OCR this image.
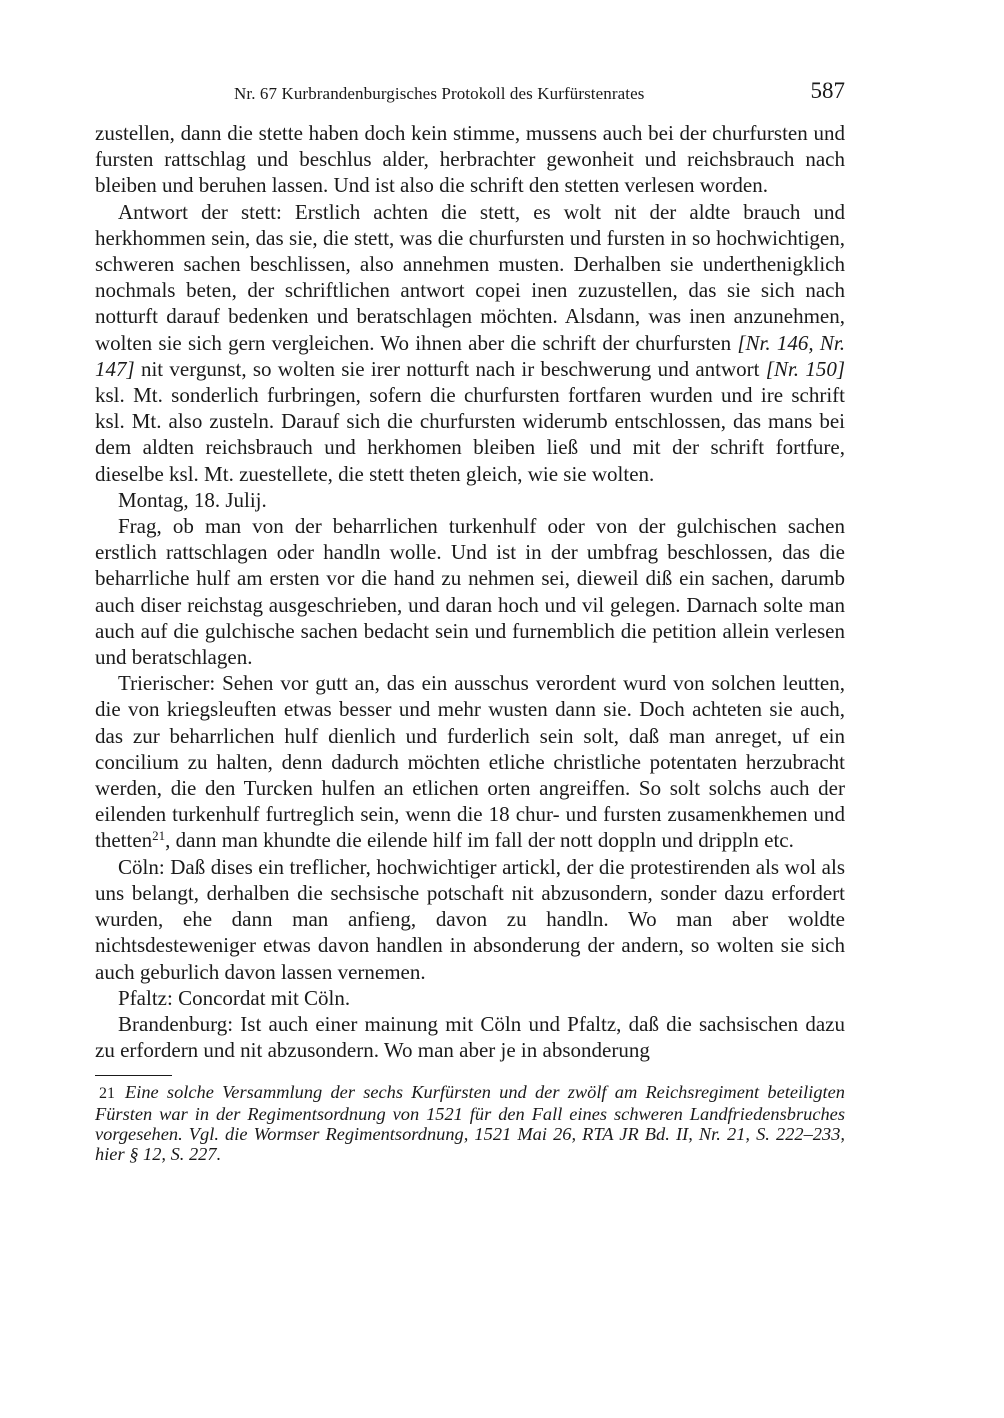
Nr. 67 Kurbrandenburgisches Protokoll des Kurfürstenrates	587

zustellen, dann die stette haben doch kein stimme, mussens auch bei der churfursten und fursten rattschlag und beschlus alder, herbrachter gewonheit und reichsbrauch nach bleiben und beruhen lassen. Und ist also die schrift den stetten verlesen worden.

Antwort der stett: Erstlich achten die stett, es wolt nit der aldte brauch und herkhommen sein, das sie, die stett, was die churfursten und fursten in so hochwichtigen, schweren sachen beschlissen, also annehmen musten. Derhalben sie underthenigklich nochmals beten, der schriftlichen antwort copei inen zuzustellen, das sie sich nach notturft darauf bedenken und beratschlagen möchten. Alsdann, was inen anzunehmen, wolten sie sich gern vergleichen. Wo ihnen aber die schrift der churfursten [Nr. 146, Nr. 147] nit vergunst, so wolten sie irer notturft nach ir beschwerung und antwort [Nr. 150] ksl. Mt. sonderlich furbringen, sofern die churfursten fortfaren wurden und ire schrift ksl. Mt. also zusteln. Darauf sich die churfursten widerumb entschlossen, das mans bei dem aldten reichsbrauch und herkhomen bleiben ließ und mit der schrift fortfure, dieselbe ksl. Mt. zuestellete, die stett theten gleich, wie sie wolten.

Montag, 18. Julij.

Frag, ob man von der beharrlichen turkenhulf oder von der gulchischen sachen erstlich rattschlagen oder handln wolle. Und ist in der umbfrag beschlossen, das die beharrliche hulf am ersten vor die hand zu nehmen sei, dieweil diß ein sachen, darumb auch diser reichstag ausgeschrieben, und daran hoch und vil gelegen. Darnach solte man auch auf die gulchische sachen bedacht sein und furnemblich die petition allein verlesen und beratschlagen.

Trierischer: Sehen vor gutt an, das ein ausschus verordent wurd von solchen leutten, die von kriegsleuften etwas besser und mehr wusten dann sie. Doch achteten sie auch, das zur beharrlichen hulf dienlich und furderlich sein solt, daß man anreget, uf ein concilium zu halten, denn dadurch möchten etliche christliche potentaten herzubracht werden, die den Turcken hulfen an etlichen orten angreiffen. So solt solchs auch der eilenden turkenhulf furtreglich sein, wenn die 18 chur- und fursten zusamenkhemen und thetten$^{21}$, dann man khundte die eilende hilf im fall der nott doppln und drippln etc.

Cöln: Daß dises ein treflicher, hochwichtiger artickl, der die protestirenden als wol als uns belangt, derhalben die sechsische potschaft nit abzusondern, sonder dazu erfordert wurden, ehe dann man anfieng, davon zu handln. Wo man aber woldte nichtsdesteweniger etwas davon handlen in absonderung der andern, so wolten sie sich auch geburlich davon lassen vernemen.

Pfaltz: Concordat mit Cöln.

Brandenburg: Ist auch einer mainung mit Cöln und Pfaltz, daß die sachsischen dazu zu erfordern und nit abzusondern. Wo man aber je in absonderung

21 Eine solche Versammlung der sechs Kurfürsten und der zwölf am Reichsregiment beteiligten Fürsten war in der Regimentsordnung von 1521 für den Fall eines schweren Landfriedensbruches vorgesehen. Vgl. die Wormser Regimentsordnung, 1521 Mai 26, RTA JR Bd. II, Nr. 21, S. 222–233, hier § 12, S. 227.
